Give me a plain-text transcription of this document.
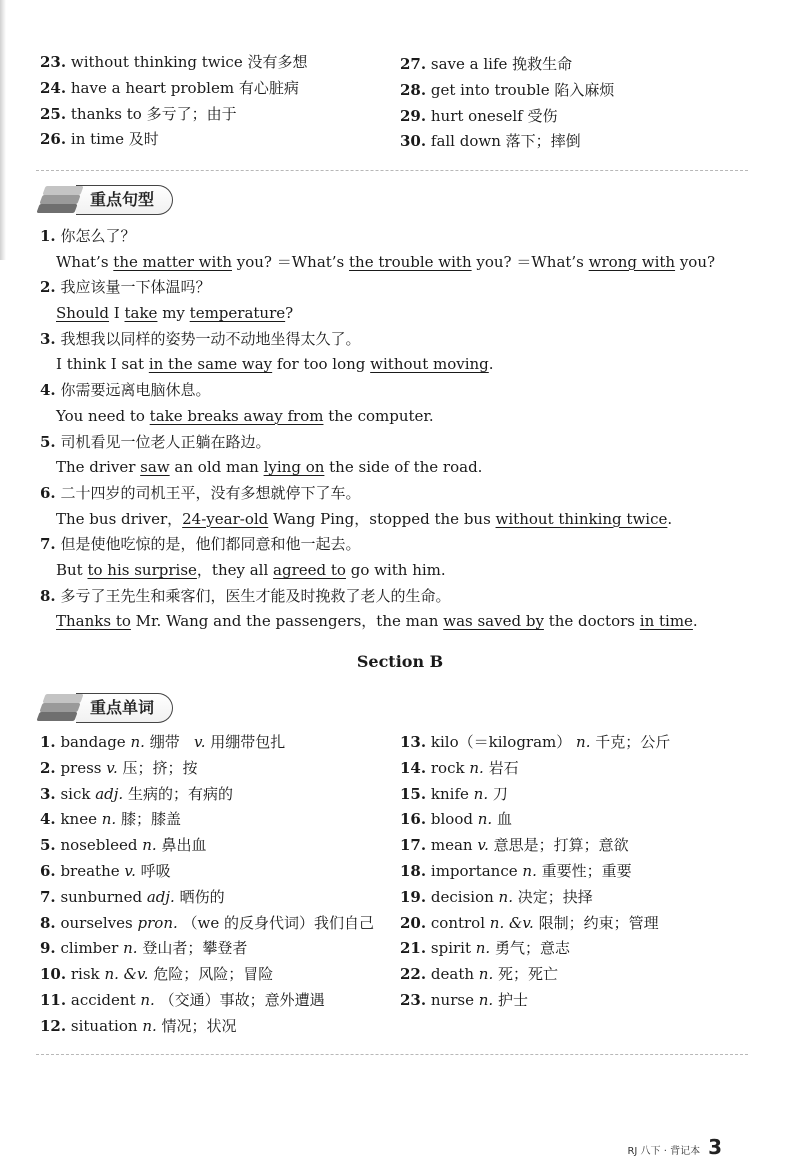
23. without thinking twice 没有多想
24. have a heart problem 有心脏病
25. thanks to 多亏了；由于
26. in time 及时
27. save a life 挽救生命
28. get into trouble 陷入麻烦
29. hurt oneself 受伤
30. fall down 落下；摔倒
重点句型
1. 你怎么了？
What’s the matter with you? ＝What’s the trouble with you? ＝What’s wrong with you?
2. 我应该量一下体温吗？
Should I take my temperature?
3. 我想我以同样的姿势一动不动地坐得太久了。
I think I sat in the same way for too long without moving.
4. 你需要远离电脑休息。
You need to take breaks away from the computer.
5. 司机看见一位老人正躺在路边。
The driver saw an old man lying on the side of the road.
6. 二十四岁的司机王平，没有多想就停下了车。
The bus driver，24-year-old Wang Ping，stopped the bus without thinking twice.
7. 但是使他吃惊的是，他们都同意和他一起去。
But to his surprise，they all agreed to go with him.
8. 多亏了王先生和乘客们，医生才能及时挽救了老人的生命。
Thanks to Mr. Wang and the passengers，the man was saved by the doctors in time.
Section B
重点单词
1. bandage n. 绷带 v. 用绷带包扎
2. press v. 压；挤；按
3. sick adj. 生病的；有病的
4. knee n. 膝；膝盖
5. nosebleed n. 鼻出血
6. breathe v. 呼吸
7. sunburned adj. 晒伤的
8. ourselves pron. （we 的反身代词）我们自己
9. climber n. 登山者；攀登者
10. risk n. &v. 危险；风险；冒险
11. accident n. （交通）事故；意外遭遇
12. situation n. 情况；状况
13. kilo（＝kilogram） n. 千克；公斤
14. rock n. 岩石
15. knife n. 刀
16. blood n. 血
17. mean v. 意思是；打算；意欲
18. importance n. 重要性；重要
19. decision n. 决定；抉择
20. control n. &v. 限制；约束；管理
21. spirit n. 勇气；意志
22. death n. 死；死亡
23. nurse n. 护士
RJ 八下 · 背记本 3
